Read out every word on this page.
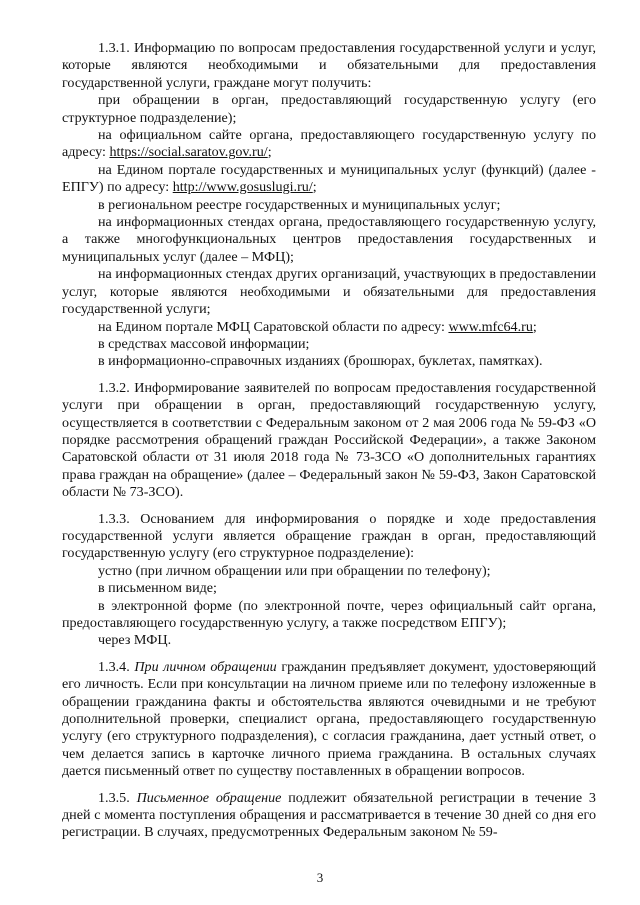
1.3.1. Информацию по вопросам предоставления государственной услуги и услуг, которые являются необходимыми и обязательными для предоставления государственной услуги, граждане могут получить:

при обращении в орган, предоставляющий государственную услугу (его структурное подразделение);

на официальном сайте органа, предоставляющего государственную услугу по адресу: https://social.saratov.gov.ru/;

на Едином портале государственных и муниципальных услуг (функций) (далее - ЕПГУ) по адресу: http://www.gosuslugi.ru/;

в региональном реестре государственных и муниципальных услуг;

на информационных стендах органа, предоставляющего государственную услугу, а также многофункциональных центров предоставления государственных и муниципальных услуг (далее – МФЦ);

на информационных стендах других организаций, участвующих в предоставлении услуг, которые являются необходимыми и обязательными для предоставления государственной услуги;

на Едином портале МФЦ Саратовской области по адресу: www.mfc64.ru;

в средствах массовой информации;

в информационно-справочных изданиях (брошюрах, буклетах, памятках).

1.3.2. Информирование заявителей по вопросам предоставления государственной услуги при обращении в орган, предоставляющий государственную услугу, осуществляется в соответствии с Федеральным законом от 2 мая 2006 года № 59-ФЗ «О порядке рассмотрения обращений граждан Российской Федерации», а также Законом Саратовской области от 31 июля 2018 года № 73-ЗСО «О дополнительных гарантиях права граждан на обращение» (далее – Федеральный закон № 59-ФЗ, Закон Саратовской области № 73-ЗСО).

1.3.3. Основанием для информирования о порядке и ходе предоставления государственной услуги является обращение граждан в орган, предоставляющий государственную услугу (его структурное подразделение):

устно (при личном обращении или при обращении по телефону);

в письменном виде;

в электронной форме (по электронной почте, через официальный сайт органа, предоставляющего государственную услугу, а также посредством ЕПГУ);

через МФЦ.

1.3.4. При личном обращении гражданин предъявляет документ, удостоверяющий его личность. Если при консультации на личном приеме или по телефону изложенные в обращении гражданина факты и обстоятельства являются очевидными и не требуют дополнительной проверки, специалист органа, предоставляющего государственную услугу (его структурного подразделения), с согласия гражданина, дает устный ответ, о чем делается запись в карточке личного приема гражданина. В остальных случаях дается письменный ответ по существу поставленных в обращении вопросов.

1.3.5. Письменное обращение подлежит обязательной регистрации в течение 3 дней с момента поступления обращения и рассматривается в течение 30 дней со дня его регистрации. В случаях, предусмотренных Федеральным законом № 59-

3
